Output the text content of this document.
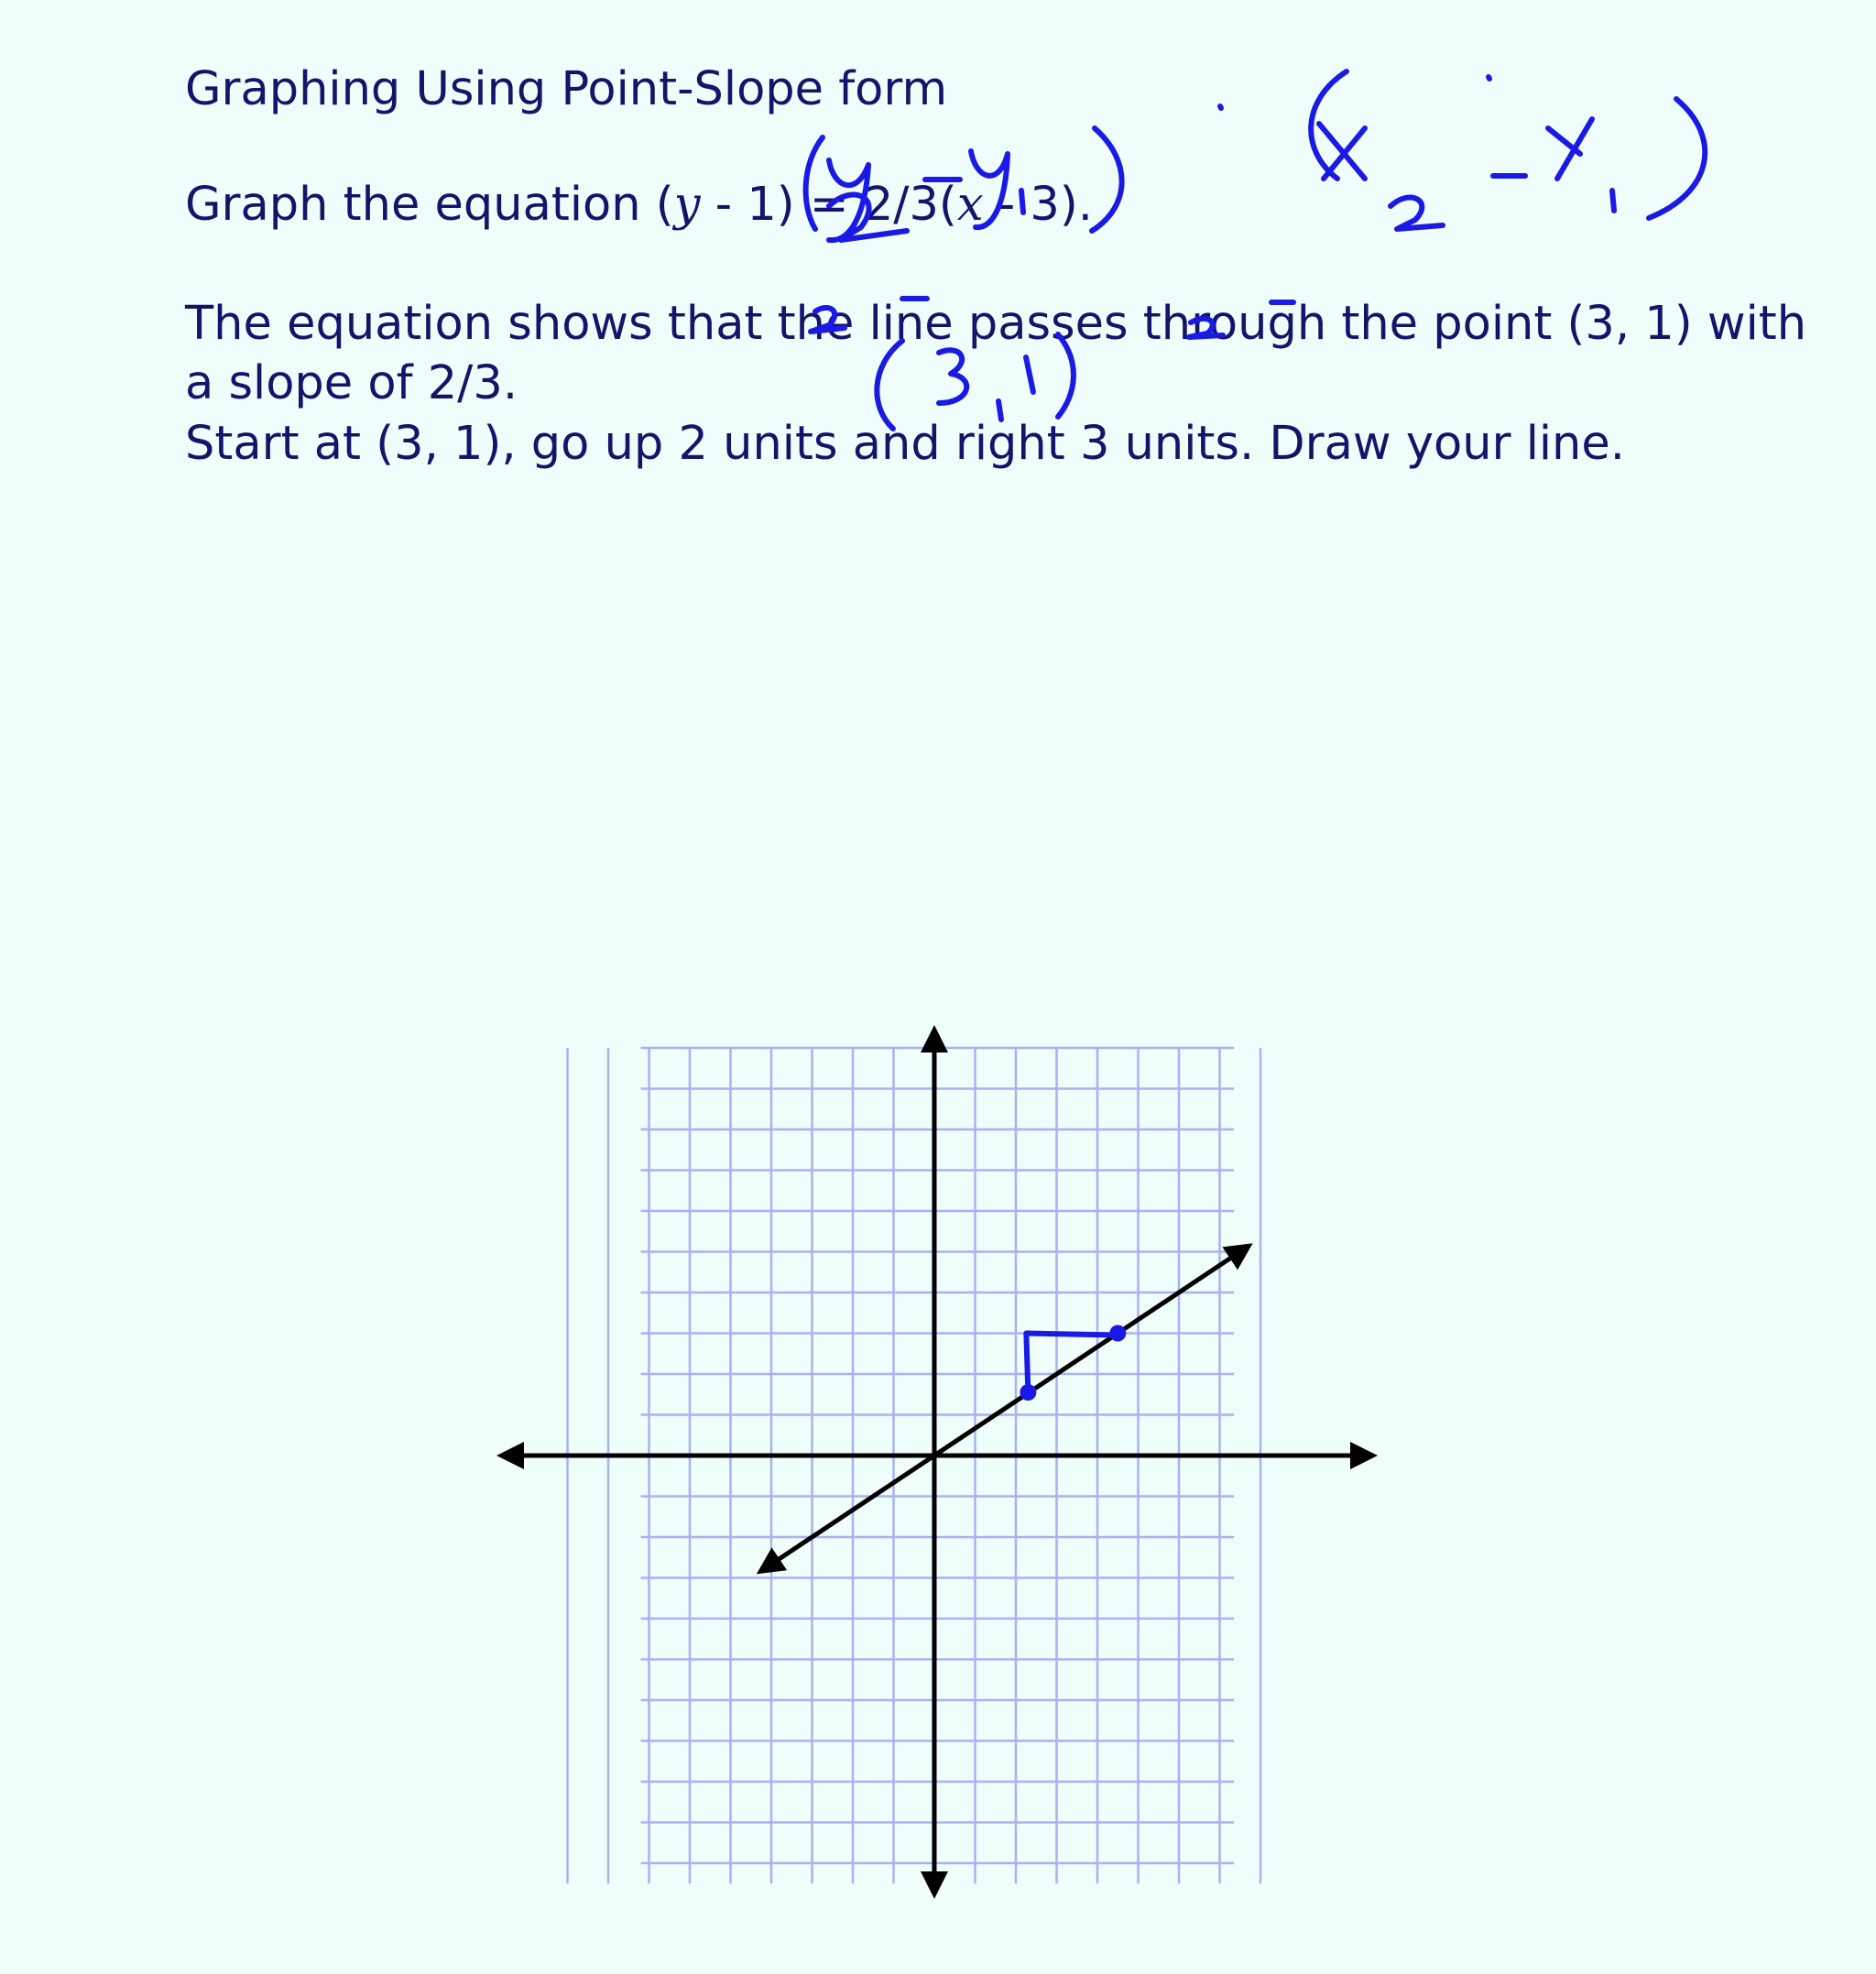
Graphing Using Point-Slope form

Graph the equation (y - 1) = 2/3(x - 3).

The equation shows that the line passes through the point (3, 1) with

a slope of 2/3.

Start at (3, 1), go up 2 units and right 3 units. Draw your line.
